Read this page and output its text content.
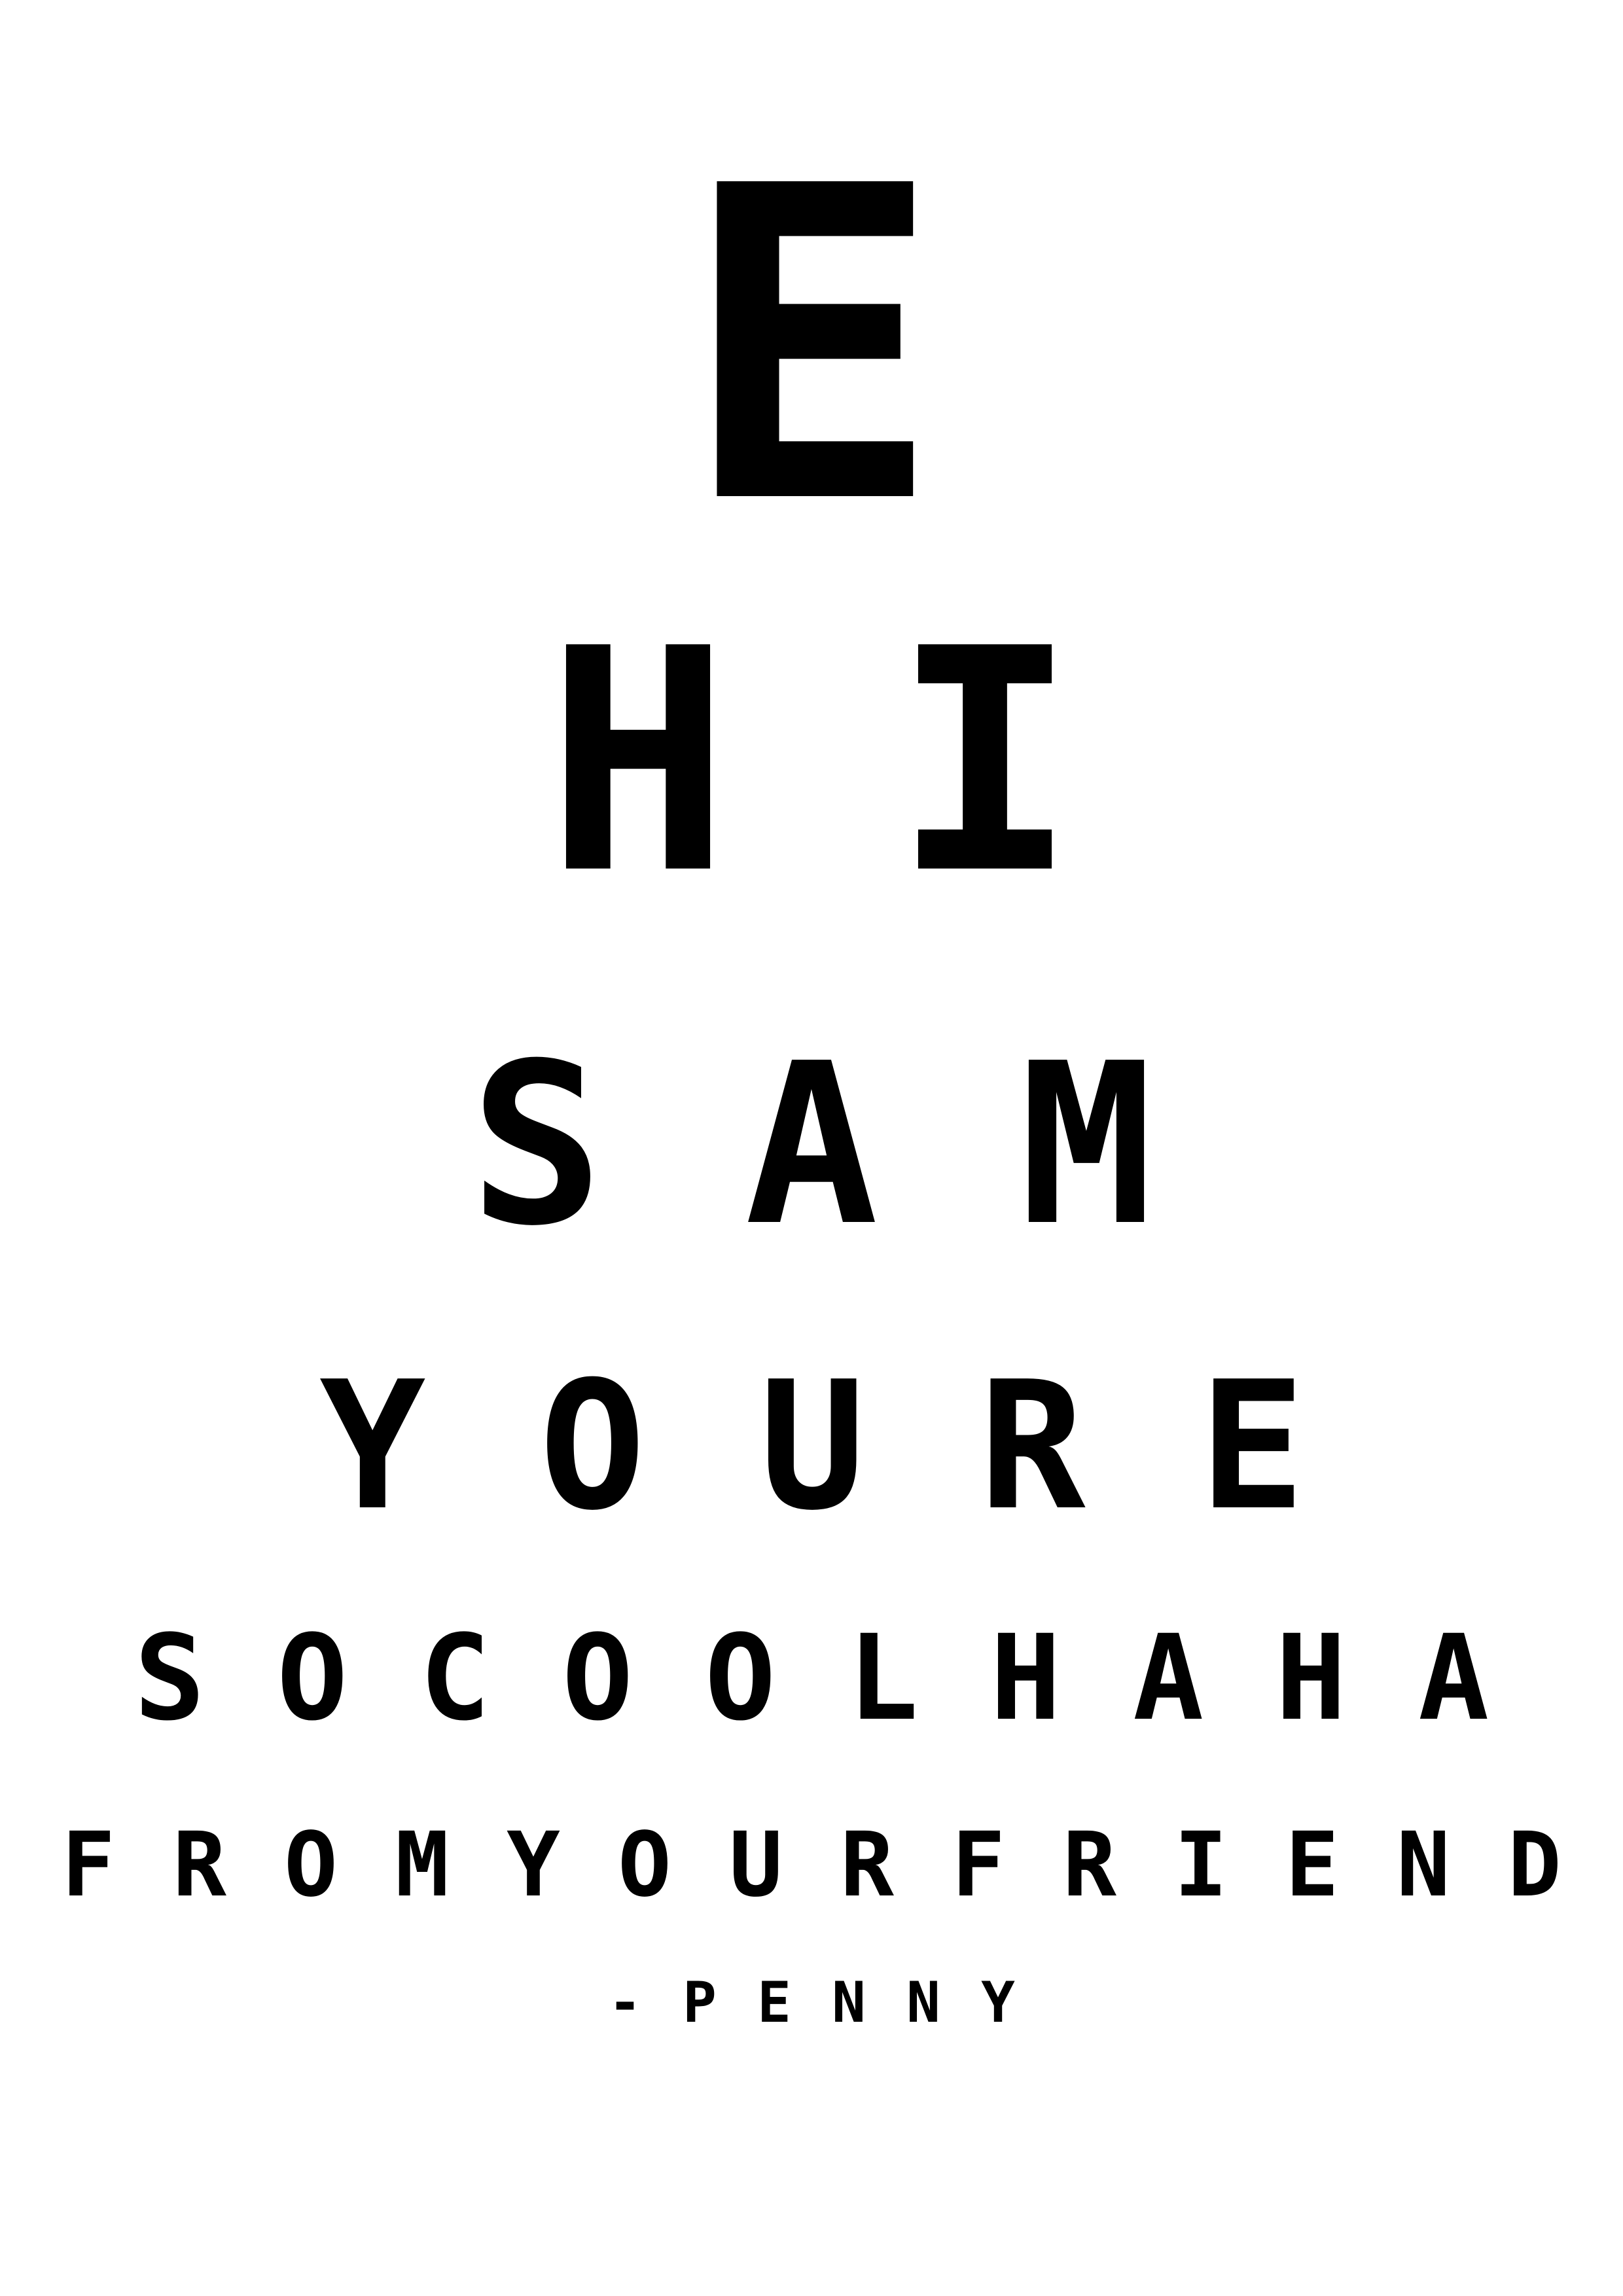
E
H I
S A M
Y O U R E
S O C O O L H A H A
F R O M Y O U R F R I E N D
- P E N N Y
